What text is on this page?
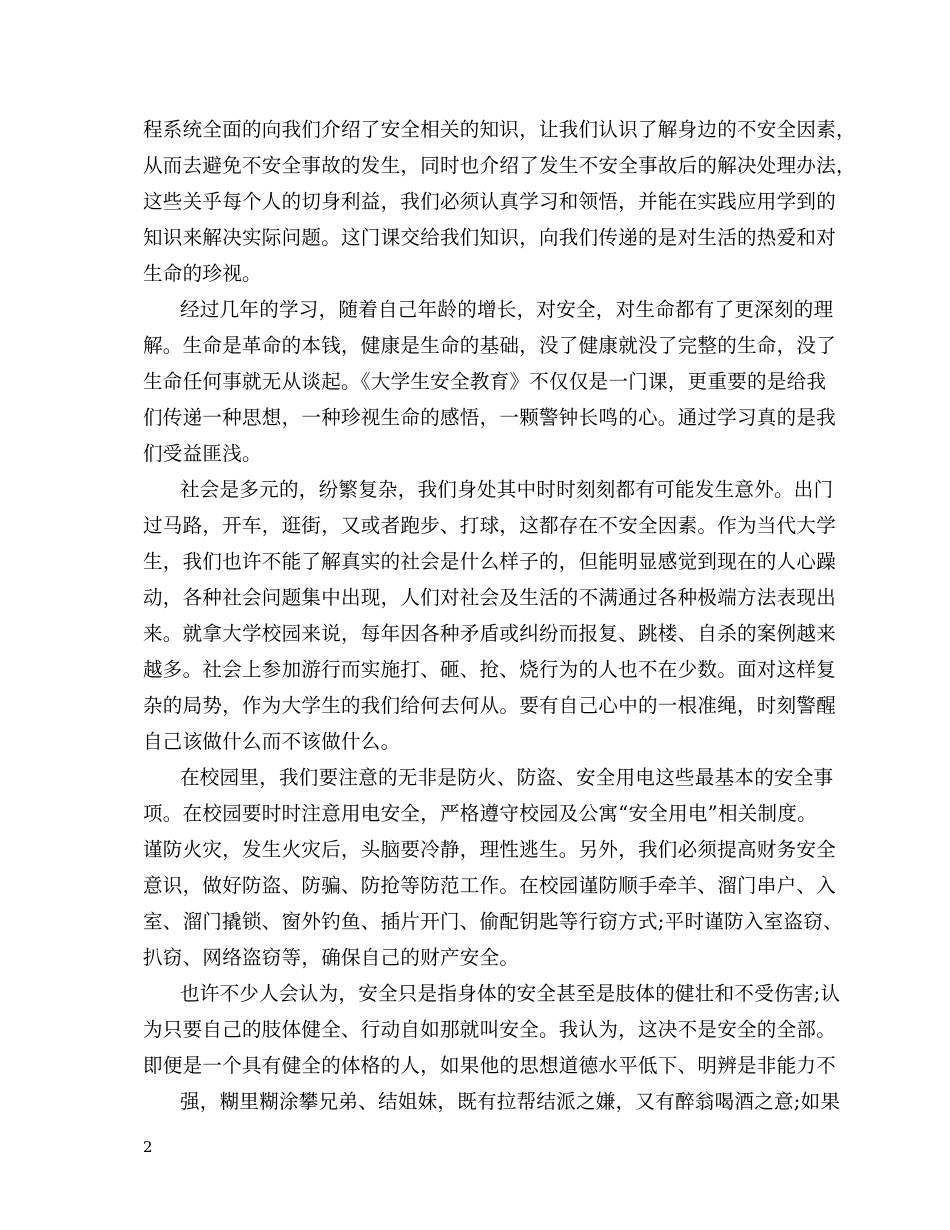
程系统全面的向我们介绍了安全相关的知识，让我们认识了解身边的不安全因素，
从而去避免不安全事故的发生，同时也介绍了发生不安全事故后的解决处理办法，
这些关乎每个人的切身利益，我们必须认真学习和领悟，并能在实践应用学到的
知识来解决实际问题。这门课交给我们知识，向我们传递的是对生活的热爱和对
生命的珍视。
经过几年的学习，随着自己年龄的增长，对安全，对生命都有了更深刻的理
解。生命是革命的本钱，健康是生命的基础，没了健康就没了完整的生命，没了
生命任何事就无从谈起。《大学生安全教育》不仅仅是一门课，更重要的是给我
们传递一种思想，一种珍视生命的感悟，一颗警钟长鸣的心。通过学习真的是我
们受益匪浅。
社会是多元的，纷繁复杂，我们身处其中时时刻刻都有可能发生意外。出门
过马路，开车，逛街，又或者跑步、打球，这都存在不安全因素。作为当代大学
生，我们也许不能了解真实的社会是什么样子的，但能明显感觉到现在的人心躁
动，各种社会问题集中出现，人们对社会及生活的不满通过各种极端方法表现出
来。就拿大学校园来说，每年因各种矛盾或纠纷而报复、跳楼、自杀的案例越来
越多。社会上参加游行而实施打、砸、抢、烧行为的人也不在少数。面对这样复
杂的局势，作为大学生的我们给何去何从。要有自己心中的一根准绳，时刻警醒
自己该做什么而不该做什么。
在校园里，我们要注意的无非是防火、防盗、安全用电这些最基本的安全事
项。在校园要时时注意用电安全，严格遵守校园及公寓“安全用电”相关制度。
谨防火灾，发生火灾后，头脑要冷静，理性逃生。另外，我们必须提高财务安全
意识，做好防盗、防骗、防抢等防范工作。在校园谨防顺手牵羊、溜门串户、入
室、溜门撬锁、窗外钓鱼、插片开门、偷配钥匙等行窃方式;平时谨防入室盗窃、
扒窃、网络盗窃等，确保自己的财产安全。
也许不少人会认为，安全只是指身体的安全甚至是肢体的健壮和不受伤害;认
为只要自己的肢体健全、行动自如那就叫安全。我认为，这决不是安全的全部。
即便是一个具有健全的体格的人，如果他的思想道德水平低下、明辨是非能力不
强，糊里糊涂攀兄弟、结姐妹，既有拉帮结派之嫌，又有醉翁喝酒之意;如果
2
